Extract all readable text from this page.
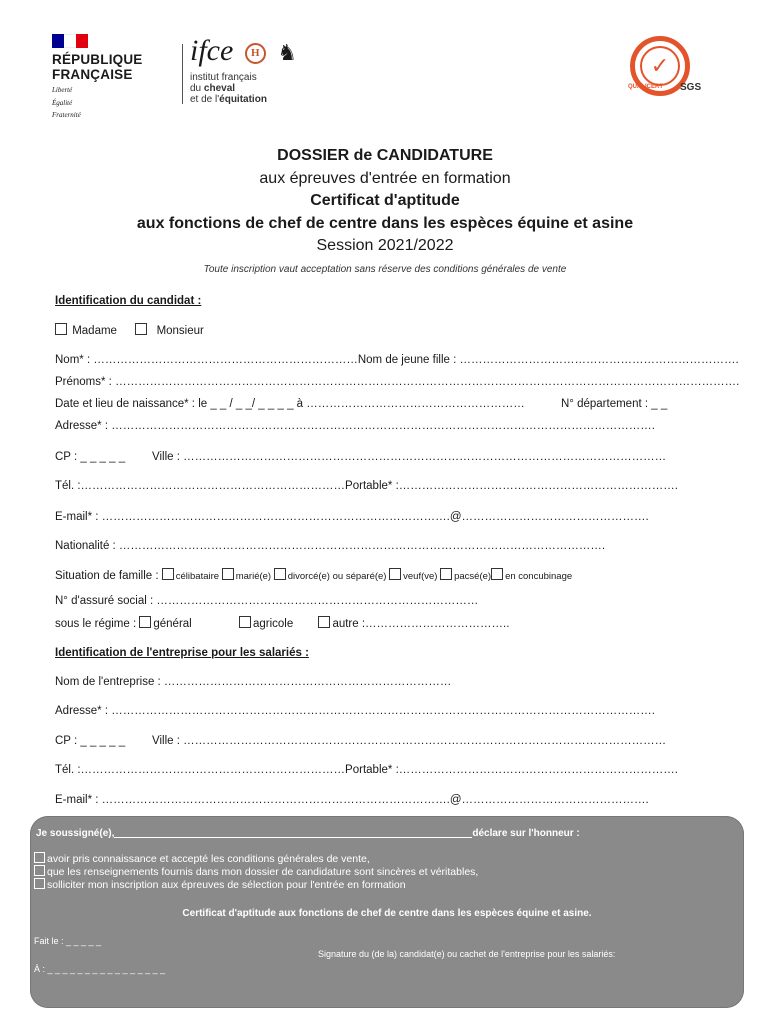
RÉPUBLIQUE
FRANÇAISE
Liberté
Égalité
Fraternité
ifce H ♞
institut français
du cheval
et de l'équitation
✓
QUALICERT SGS
DOSSIER de CANDIDATURE
aux épreuves d'entrée en formation
Certificat d'aptitude
aux fonctions de chef de centre dans les espèces équine et asine
Session 2021/2022
Toute inscription vaut acceptation sans réserve des conditions générales de vente
Identification du candidat :
Madame	Monsieur
Nom* : ……………………………………………………………Nom de jeune fille : ……………………………………………………………….
Prénoms* : ……………………………………………………………………………………………………………………………………………….
Date et lieu de naissance* : le _ _ / _ _/ _ _ _ _ à …………………………………………………	N° département : _ _
Adresse* : …………………………………………………………………………………………………………………………….
CP : _ _ _ _ _ Ville : ………………………………………………………………………………………………………………
Tél. :……………………………………………………………Portable* :……………………………………………………………….
E-mail* : ……………………………………………………………………………….@………………………………………….
Nationalité : ……………………………………………………………………………………………………………….
Situation de famille : célibataire marié(e) divorcé(e) ou séparé(e) veuf(ve) pacsé(e) en concubinage
N° d'assuré social : …………………………………………………………………………
sous le régime : général	agricole	autre :………………………………..
Identification de l'entreprise pour les salariés :
Nom de l'entreprise : …………………………………………………………………
Adresse* : …………………………………………………………………………………………………………………………….
CP : _ _ _ _ _ Ville : ………………………………………………………………………………………………………………
Tél. :……………………………………………………………Portable* :……………………………………………………………….
E-mail* : ……………………………………………………………………………….@………………………………………….
Je soussigné(e),	déclare sur l'honneur :
avoir pris connaissance et accepté les conditions générales de vente,
que les renseignements fournis dans mon dossier de candidature sont sincères et véritables,
solliciter mon inscription aux épreuves de sélection pour l'entrée en formation
Certificat d'aptitude aux fonctions de chef de centre dans les espèces équine et asine.
Fait le : _ _ _ _ _
Signature du (de la) candidat(e) ou cachet de l'entreprise pour les salariés:
À : _ _ _ _ _ _ _ _ _ _ _ _ _ _ _ _
